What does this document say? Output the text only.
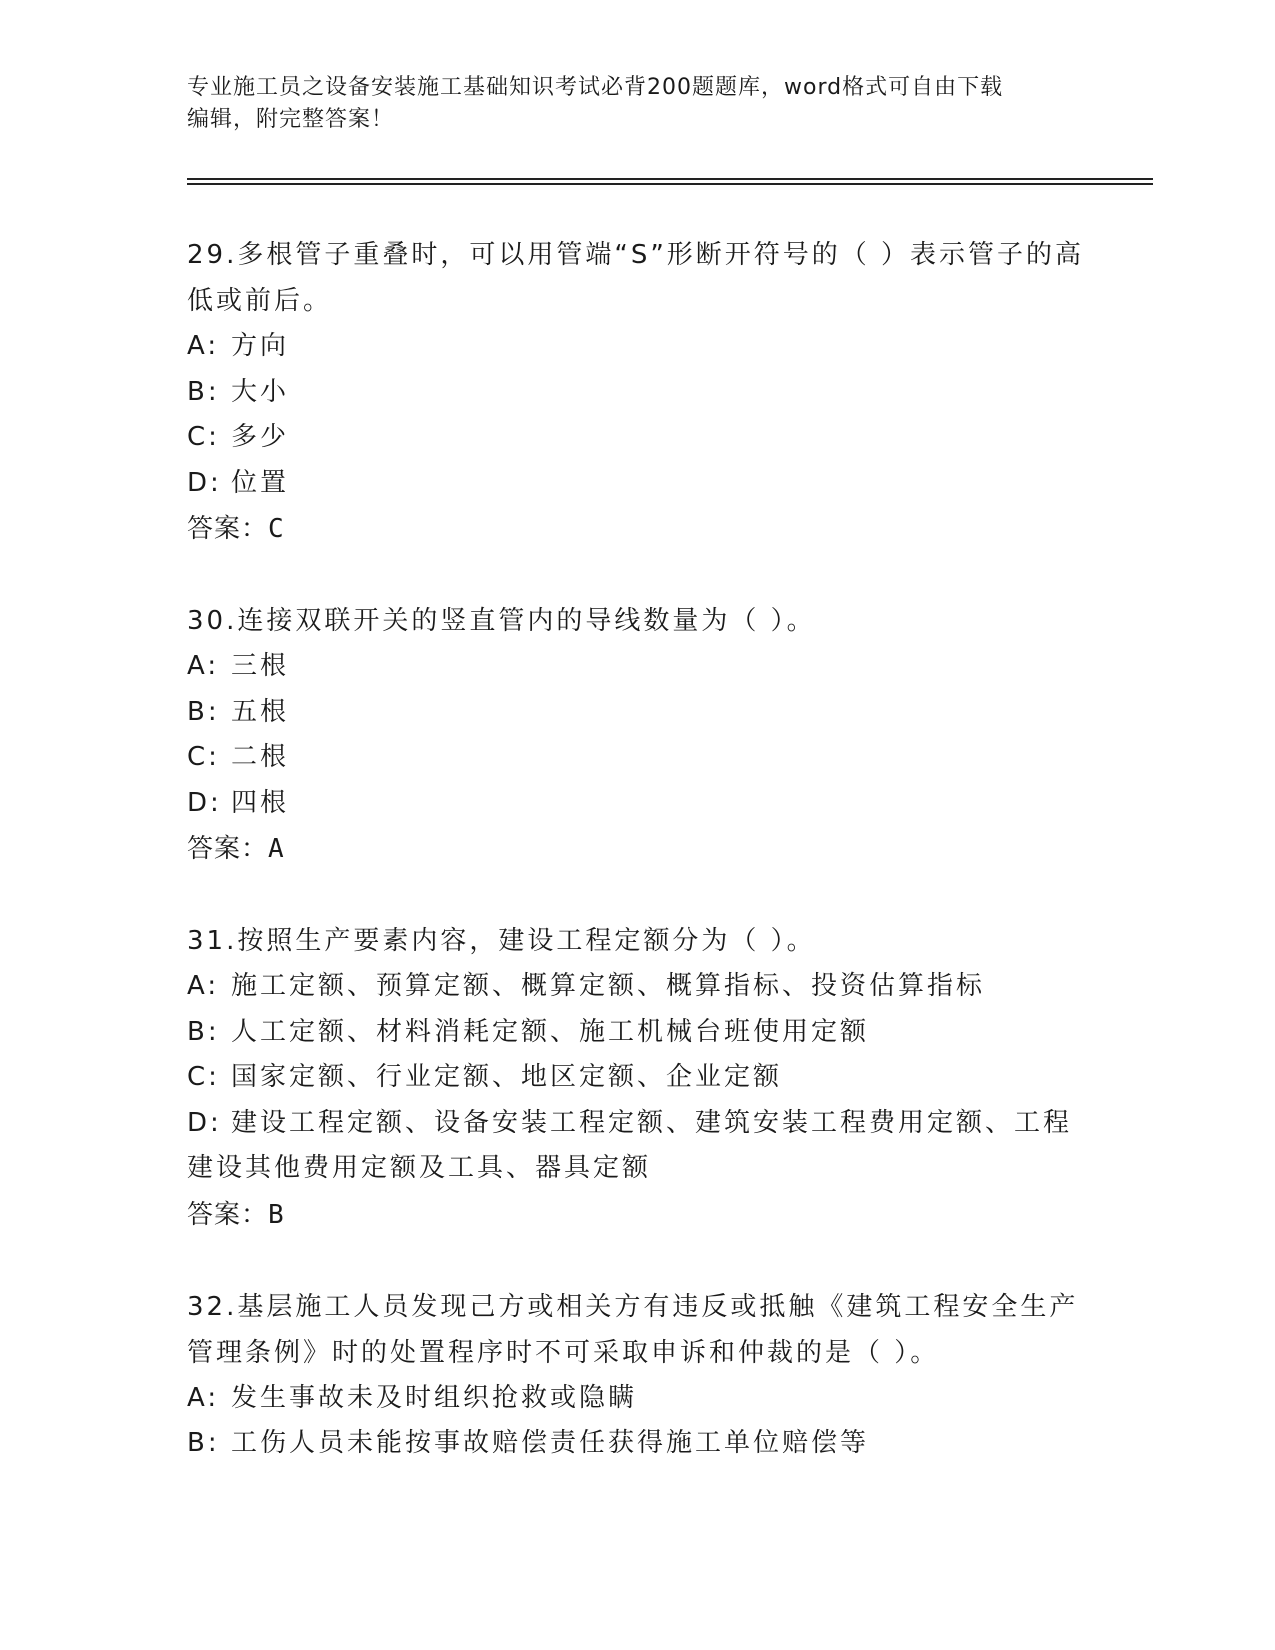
专业施工员之设备安装施工基础知识考试必背200题题库，word格式可自由下载
编辑，附完整答案！

29.多根管子重叠时，可以用管端“S”形断开符号的（ ）表示管子的高低或前后。

A: 方向

B: 大小

C: 多少

D: 位置

答案：C

30.连接双联开关的竖直管内的导线数量为（ ）。

A: 三根

B: 五根

C: 二根

D: 四根

答案：A

31.按照生产要素内容，建设工程定额分为（ ）。

A: 施工定额、预算定额、概算定额、概算指标、投资估算指标

B: 人工定额、材料消耗定额、施工机械台班使用定额

C: 国家定额、行业定额、地区定额、企业定额

D: 建设工程定额、设备安装工程定额、建筑安装工程费用定额、工程建设其他费用定额及工具、器具定额

答案：B

32.基层施工人员发现己方或相关方有违反或抵触《建筑工程安全生产管理条例》时的处置程序时不可采取申诉和仲裁的是（ ）。

A: 发生事故未及时组织抢救或隐瞒

B: 工伤人员未能按事故赔偿责任获得施工单位赔偿等
